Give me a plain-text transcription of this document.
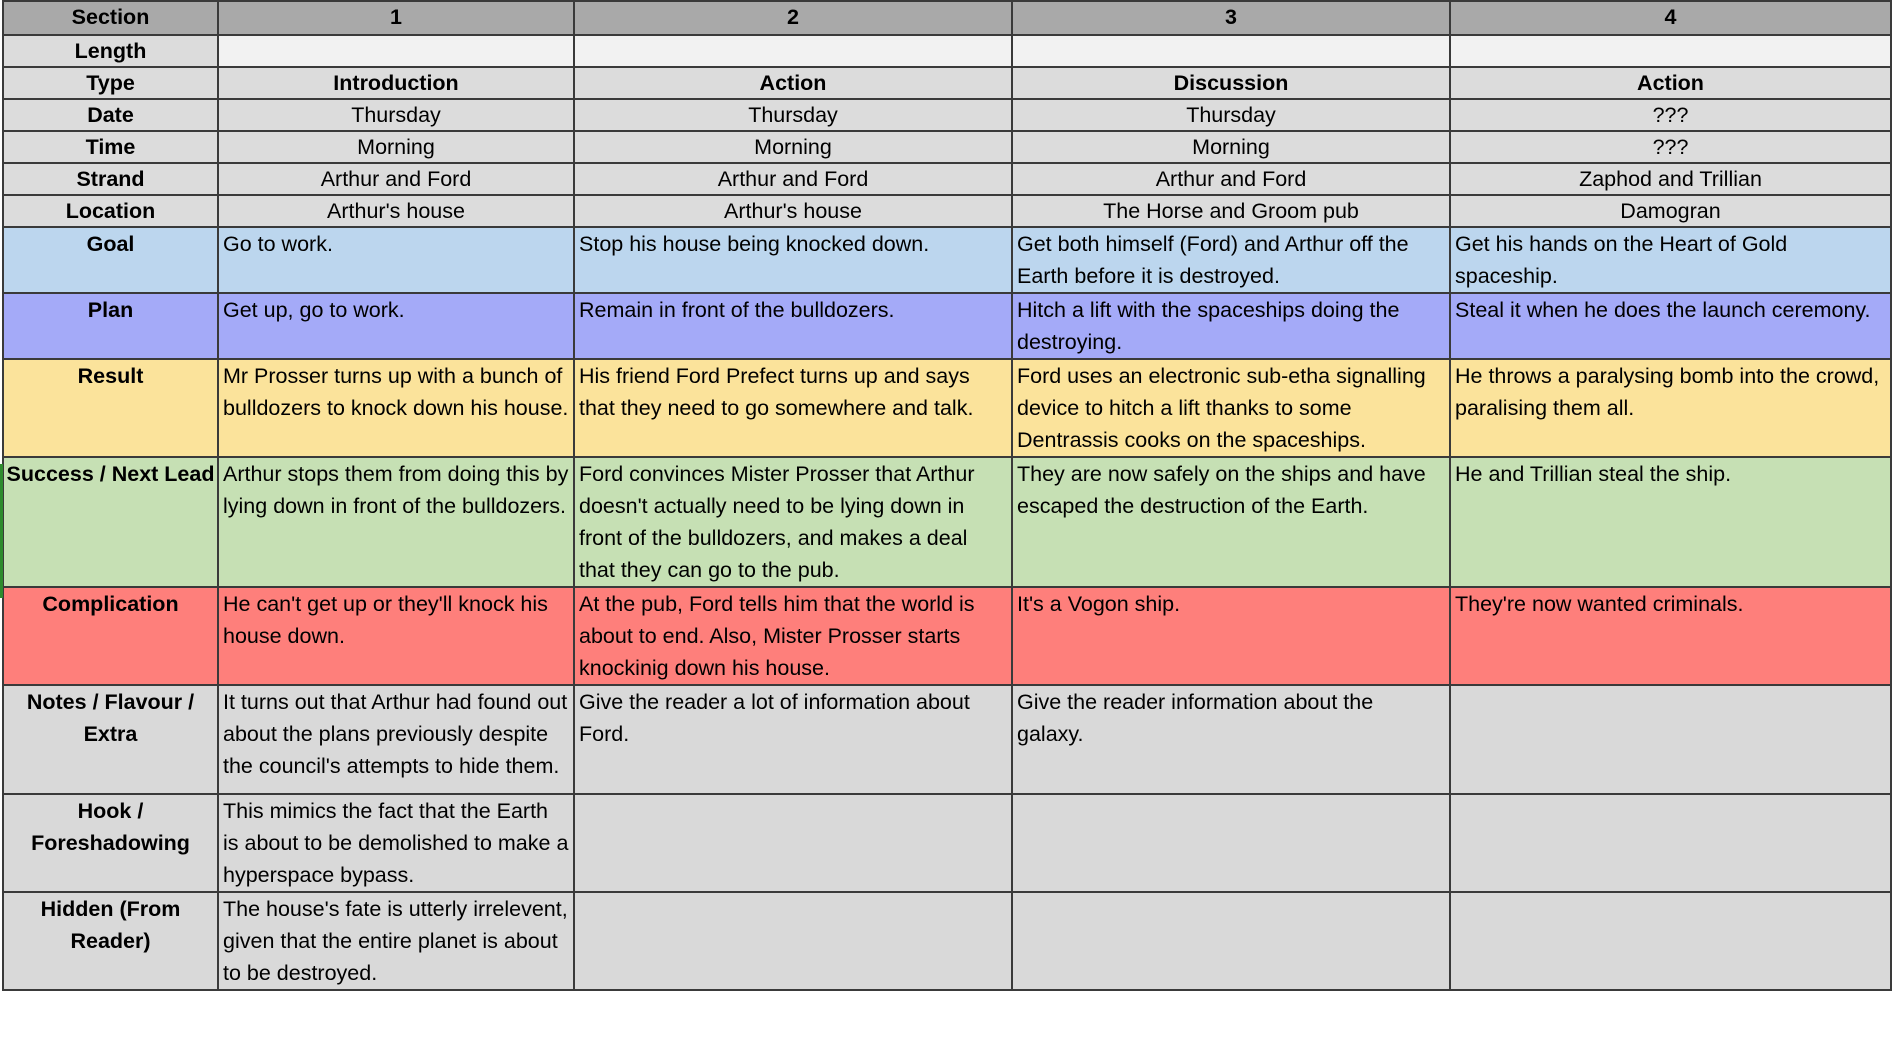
Section	1	2	3	4
Length				
Type	Introduction	Action	Discussion	Action
Date	Thursday	Thursday	Thursday	???
Time	Morning	Morning	Morning	???
Strand	Arthur and Ford	Arthur and Ford	Arthur and Ford	Zaphod and Trillian
Location	Arthur's house	Arthur's house	The Horse and Groom pub	Damogran
Goal	Go to work.	Stop his house being knocked down.	Get both himself (Ford) and Arthur off the Earth before it is destroyed.	Get his hands on the Heart of Gold spaceship.
Plan	Get up, go to work.	Remain in front of the bulldozers.	Hitch a lift with the spaceships doing the destroying.	Steal it when he does the launch ceremony.
Result	Mr Prosser turns up with a bunch of bulldozers to knock down his house.	His friend Ford Prefect turns up and says that they need to go somewhere and talk.	Ford uses an electronic sub-etha signalling device to hitch a lift thanks to some Dentrassis cooks on the spaceships.	He throws a paralysing bomb into the crowd, paralising them all.
Success / Next Lead	Arthur stops them from doing this by lying down in front of the bulldozers.	Ford convinces Mister Prosser that Arthur doesn't actually need to be lying down in front of the bulldozers, and makes a deal that they can go to the pub.	They are now safely on the ships and have escaped the destruction of the Earth.	He and Trillian steal the ship.
Complication	He can't get up or they'll knock his house down.	At the pub, Ford tells him that the world is about to end. Also, Mister Prosser starts knockinig down his house.	It's a Vogon ship.	They're now wanted criminals.
Notes / Flavour / Extra	It turns out that Arthur had found out about the plans previously despite the council's attempts to hide them.	Give the reader a lot of information about Ford.	Give the reader information about the galaxy.	
Hook / Foreshadowing	This mimics the fact that the Earth is about to be demolished to make a hyperspace bypass.			
Hidden (From Reader)	The house's fate is utterly irrelevent, given that the entire planet is about to be destroyed.			
